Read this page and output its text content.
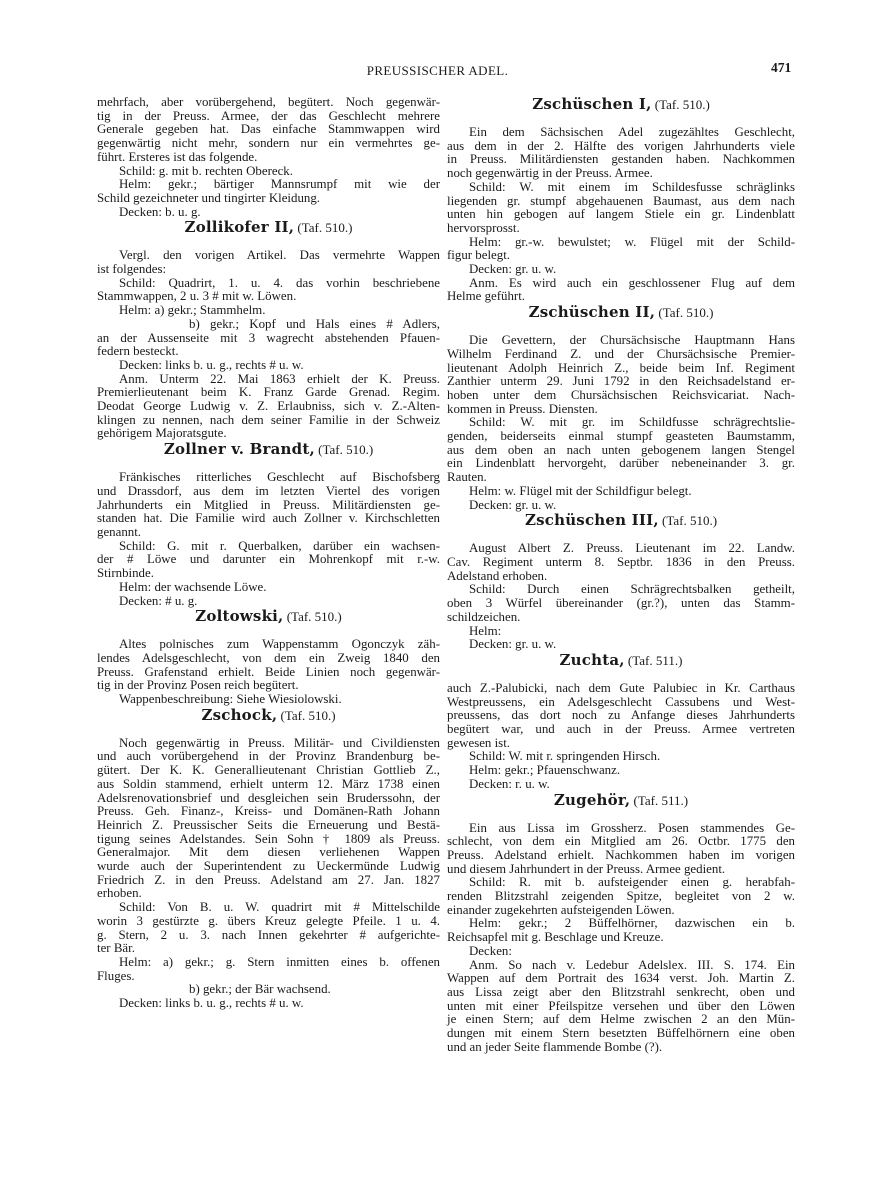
PREUSSISCHER ADEL.	471
mehrfach, aber vorübergehend, begütert. Noch gegenwär-
tig in der Preuss. Armee, der das Geschlecht mehrere
Generale gegeben hat. Das einfache Stammwappen wird
gegenwärtig nicht mehr, sondern nur ein vermehrtes ge-
führt. Ersteres ist das folgende.
Schild: g. mit b. rechten Obereck.
Helm: gekr.; bärtiger Mannsrumpf mit wie der
Schild gezeichneter und tingirter Kleidung.
Decken: b. u. g.
Zollikofer II, (Taf. 510.)
Vergl. den vorigen Artikel. Das vermehrte Wappen
ist folgendes:
Schild: Quadrirt, 1. u. 4. das vorhin beschriebene
Stammwappen, 2 u. 3 # mit w. Löwen.
Helm: a) gekr.; Stammhelm.
b) gekr.; Kopf und Hals eines # Adlers,
an der Aussenseite mit 3 wagrecht abstehenden Pfauen-
federn besteckt.
Decken: links b. u. g., rechts # u. w.
Anm. Unterm 22. Mai 1863 erhielt der K. Preuss.
Premierlieutenant beim K. Franz Garde Grenad. Regim.
Deodat George Ludwig v. Z. Erlaubniss, sich v. Z.-Alten-
klingen zu nennen, nach dem seiner Familie in der Schweiz
gehörigem Majoratsgute.
Zollner v. Brandt, (Taf. 510.)
Fränkisches ritterliches Geschlecht auf Bischofsberg
und Drassdorf, aus dem im letzten Viertel des vorigen
Jahrhunderts ein Mitglied in Preuss. Militärdiensten ge-
standen hat. Die Familie wird auch Zollner v. Kirchschletten
genannt.
Schild: G. mit r. Querbalken, darüber ein wachsen-
der # Löwe und darunter ein Mohrenkopf mit r.-w.
Stirnbinde.
Helm: der wachsende Löwe.
Decken: # u. g.
Zoltowski, (Taf. 510.)
Altes polnisches zum Wappenstamm Ogonczyk zäh-
lendes Adelsgeschlecht, von dem ein Zweig 1840 den
Preuss. Grafenstand erhielt. Beide Linien noch gegenwär-
tig in der Provinz Posen reich begütert.
Wappenbeschreibung: Siehe Wiesiolowski.
Zschock, (Taf. 510.)
Noch gegenwärtig in Preuss. Militär- und Civildiensten
und auch vorübergehend in der Provinz Brandenburg be-
gütert. Der K. K. Generallieutenant Christian Gottlieb Z.,
aus Soldin stammend, erhielt unterm 12. März 1738 einen
Adelsrenovationsbrief und desgleichen sein Bruderssohn, der
Preuss. Geh. Finanz-, Kreiss- und Domänen-Rath Johann
Heinrich Z. Preussischer Seits die Erneuerung und Bestä-
tigung seines Adelstandes. Sein Sohn † 1809 als Preuss.
Generalmajor. Mit dem diesen verliehenen Wappen
wurde auch der Superintendent zu Ueckermünde Ludwig
Friedrich Z. in den Preuss. Adelstand am 27. Jan. 1827
erhoben.
Schild: Von B. u. W. quadrirt mit # Mittelschilde
worin 3 gestürzte g. übers Kreuz gelegte Pfeile. 1 u. 4.
g. Stern, 2 u. 3. nach Innen gekehrter # aufgerichte-
ter Bär.
Helm: a) gekr.; g. Stern inmitten eines b. offenen
Fluges.
b) gekr.; der Bär wachsend.
Decken: links b. u. g., rechts # u. w.
Zschüschen I, (Taf. 510.)
Ein dem Sächsischen Adel zugezähltes Geschlecht,
aus dem in der 2. Hälfte des vorigen Jahrhunderts viele
in Preuss. Militärdiensten gestanden haben. Nachkommen
noch gegenwärtig in der Preuss. Armee.
Schild: W. mit einem im Schildesfusse schräglinks
liegenden gr. stumpf abgehauenen Baumast, aus dem nach
unten hin gebogen auf langem Stiele ein gr. Lindenblatt
hervorsprosst.
Helm: gr.-w. bewulstet; w. Flügel mit der Schild-
figur belegt.
Decken: gr. u. w.
Anm. Es wird auch ein geschlossener Flug auf dem
Helme geführt.
Zschüschen II, (Taf. 510.)
Die Gevettern, der Chursächsische Hauptmann Hans
Wilhelm Ferdinand Z. und der Chursächsische Premier-
lieutenant Adolph Heinrich Z., beide beim Inf. Regiment
Zanthier unterm 29. Juni 1792 in den Reichsadelstand er-
hoben unter dem Chursächsischen Reichsvicariat. Nach-
kommen in Preuss. Diensten.
Schild: W. mit gr. im Schildfusse schrägrechtslie-
genden, beiderseits einmal stumpf geasteten Baumstamm,
aus dem oben an nach unten gebogenem langen Stengel
ein Lindenblatt hervorgeht, darüber nebeneinander 3. gr.
Rauten.
Helm: w. Flügel mit der Schildfigur belegt.
Decken: gr. u. w.
Zschüschen III, (Taf. 510.)
August Albert Z. Preuss. Lieutenant im 22. Landw.
Cav. Regiment unterm 8. Septbr. 1836 in den Preuss.
Adelstand erhoben.
Schild: Durch einen Schrägrechtsbalken getheilt,
oben 3 Würfel übereinander (gr.?), unten das Stamm-
schildzeichen.
Helm:
Decken: gr. u. w.
Zuchta, (Taf. 511.)
auch Z.-Palubicki, nach dem Gute Palubiec in Kr. Carthaus
Westpreussens, ein Adelsgeschlecht Cassubens und West-
preussens, das dort noch zu Anfange dieses Jahrhunderts
begütert war, und auch in der Preuss. Armee vertreten
gewesen ist.
Schild: W. mit r. springenden Hirsch.
Helm: gekr.; Pfauenschwanz.
Decken: r. u. w.
Zugehör, (Taf. 511.)
Ein aus Lissa im Grossherz. Posen stammendes Ge-
schlecht, von dem ein Mitglied am 26. Octbr. 1775 den
Preuss. Adelstand erhielt. Nachkommen haben im vorigen
und diesem Jahrhundert in der Preuss. Armee gedient.
Schild: R. mit b. aufsteigender einen g. herabfah-
renden Blitzstrahl zeigenden Spitze, begleitet von 2 w.
einander zugekehrten aufsteigenden Löwen.
Helm: gekr.; 2 Büffelhörner, dazwischen ein b.
Reichsapfel mit g. Beschlage und Kreuze.
Decken:
Anm. So nach v. Ledebur Adelslex. III. S. 174. Ein
Wappen auf dem Portrait des 1634 verst. Joh. Martin Z.
aus Lissa zeigt aber den Blitzstrahl senkrecht, oben und
unten mit einer Pfeilspitze versehen und über den Löwen
je einen Stern; auf dem Helme zwischen 2 an den Mün-
dungen mit einem Stern besetzten Büffelhörnern eine oben
und an jeder Seite flammende Bombe (?).
